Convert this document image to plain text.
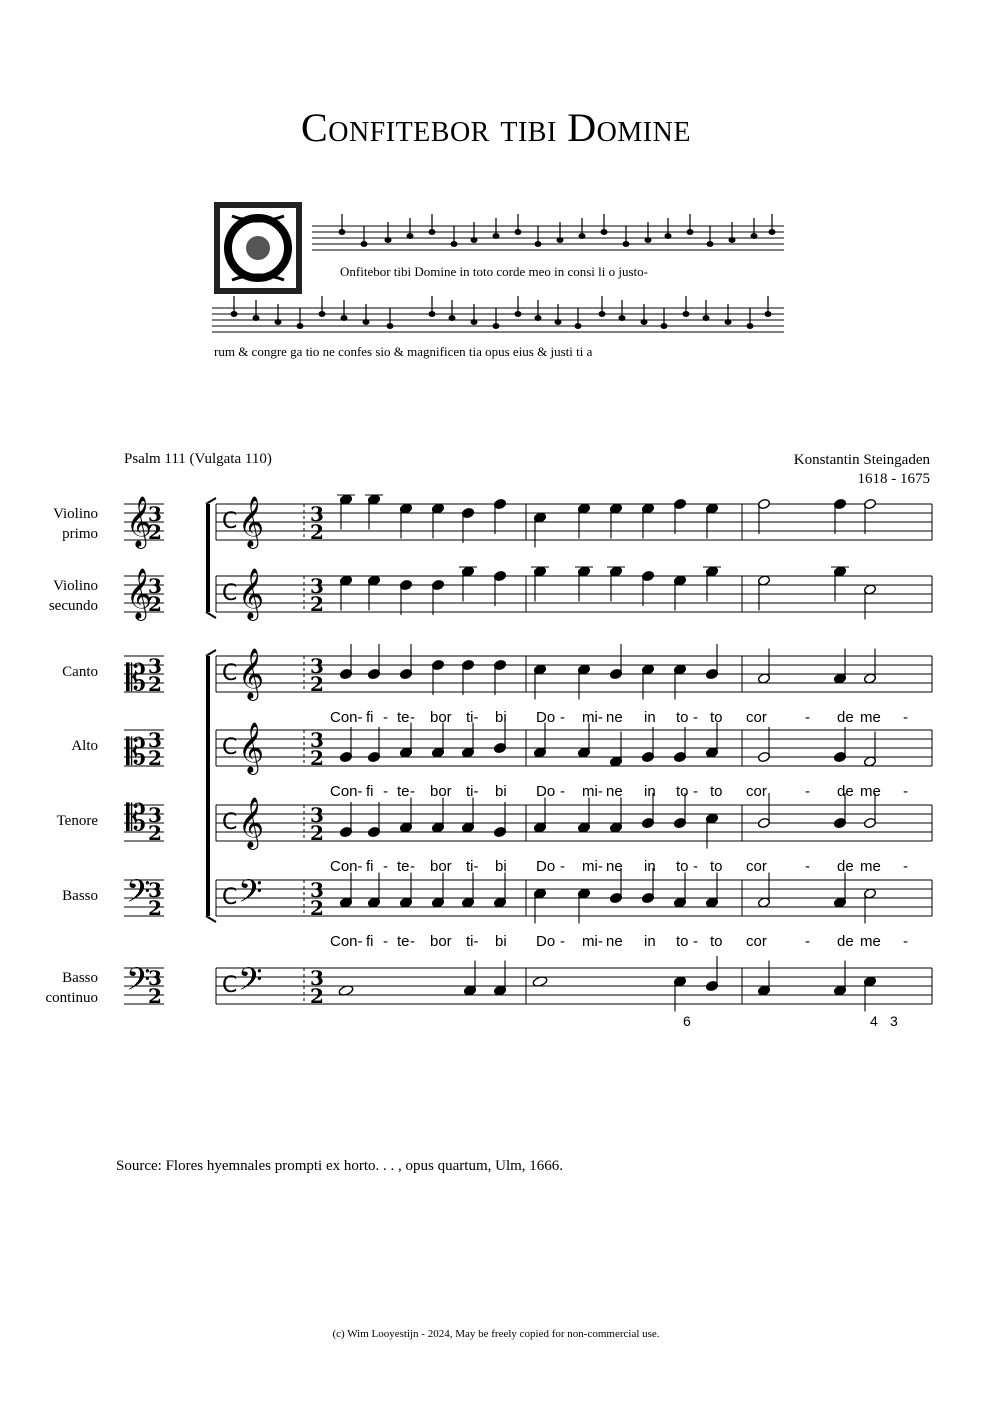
Confitebor tibi Domine
Onfitebor tibi Domine in toto corde meo in consi li o justo-
rum & congre ga tio ne confes sio & magnificen tia opus eius & justi ti a
Psalm 111 (Vulgata 110)	Konstantin Steingaden
1618 - 1675
C
𝄞
3
2 𝄞 3
2
Violino
primo
C
𝄞
3
2 𝄞 3
2
Violino
secundo
C
𝄡 3
2 𝄞 3
2
Canto
Con- fi - te - bor ti- bi Do - mi- ne in to - to cor	- de me -
C
𝄡 3
2 𝄞 3
2
Alto
Con- fi - te - bor ti- bi Do - mi- ne in to - to cor	- de me -
C
𝄡 3
2 𝄞 3
2
Tenore
Con- fi - te - bor ti- bi Do - mi- ne in to - to cor	- de me -
C
𝄢
3
2 𝄢 3
2
Basso
Con- fi - te - bor ti- bi Do - mi- ne in to - to cor	- de me -
C
𝄢
3
2 𝄢 3
2
Basso
continuo
6	4 3
Source: Flores hyemnales prompti ex horto. . . , opus quartum, Ulm, 1666.
(c) Wim Looyestijn - 2024, May be freely copied for non-commercial use.
